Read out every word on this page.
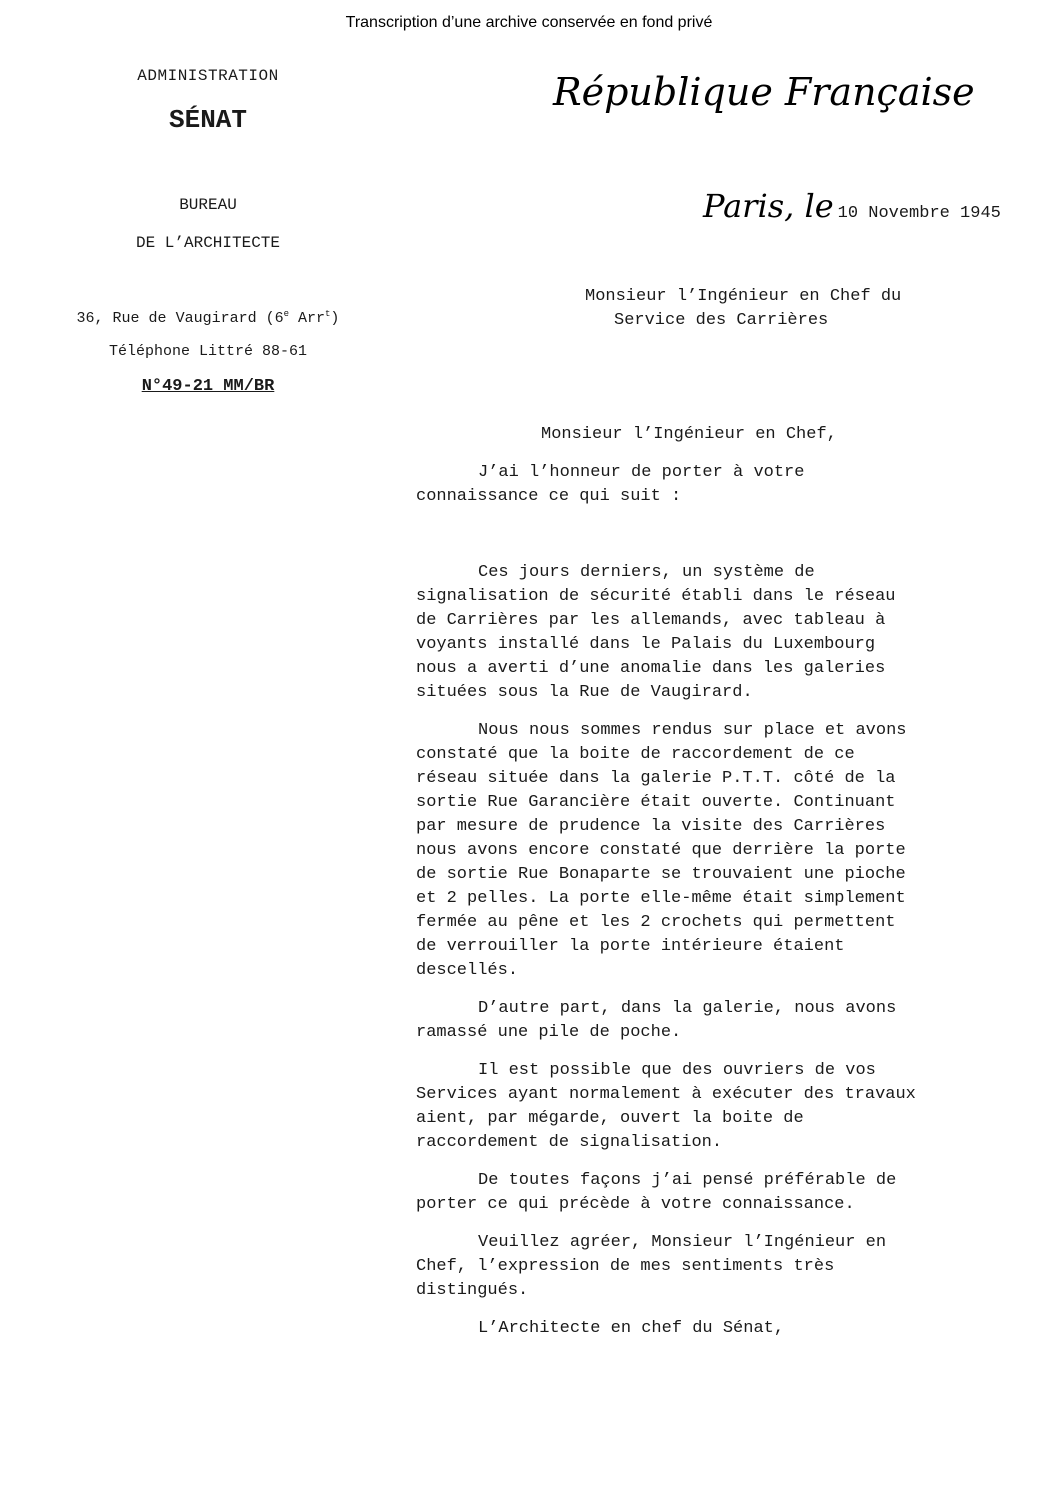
Transcription d’une archive conservée en fond privé
ADMINISTRATION
SÉNAT
BUREAU
DE L’ARCHITECTE
36, Rue de Vaugirard (6e Arr$^t$)
Téléphone Littré 88-61
N°49-21 MM/BR
République Française
Paris, le 10 Novembre 1945
Monsieur l’Ingénieur en Chef du
Service des Carrières
Monsieur l’Ingénieur en Chef,

J’ai l’honneur de porter à votre
connaissance ce qui suit :

Ces jours derniers, un système de
signalisation de sécurité établi dans le réseau
de Carrières par les allemands, avec tableau à
voyants installé dans le Palais du Luxembourg
nous a averti d’une anomalie dans les galeries
situées sous la Rue de Vaugirard.

Nous nous sommes rendus sur place et avons
constaté que la boite de raccordement de ce
réseau située dans la galerie P.T.T. côté de la
sortie Rue Garancière était ouverte. Continuant
par mesure de prudence la visite des Carrières
nous avons encore constaté que derrière la porte
de sortie Rue Bonaparte se trouvaient une pioche
et 2 pelles. La porte elle-même était simplement
fermée au pêne et les 2 crochets qui permettent
de verrouiller la porte intérieure étaient
descellés.

D’autre part, dans la galerie, nous avons
ramassé une pile de poche.

Il est possible que des ouvriers de vos
Services ayant normalement à exécuter des travaux
aient, par mégarde, ouvert la boite de
raccordement de signalisation.

De toutes façons j’ai pensé préférable de
porter ce qui précède à votre connaissance.

Veuillez agréer, Monsieur l’Ingénieur en
Chef, l’expression de mes sentiments très
distingués.

L’Architecte en chef du Sénat,
